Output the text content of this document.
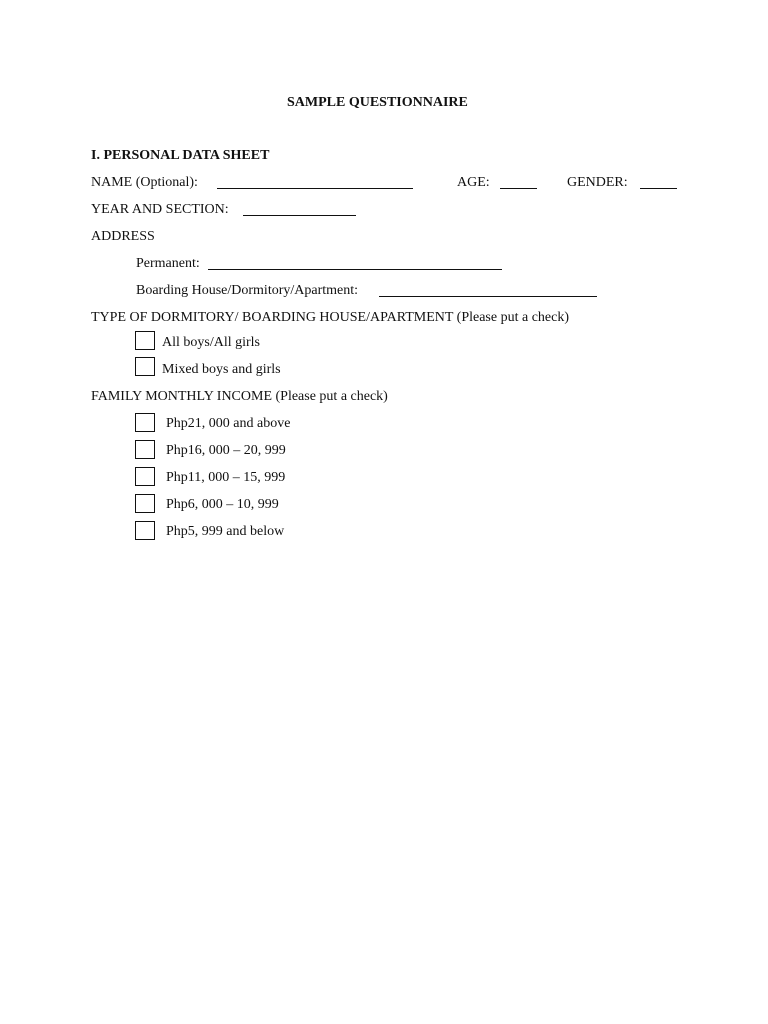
SAMPLE QUESTIONNAIRE
I. PERSONAL DATA SHEET
NAME (Optional):	AGE:	GENDER:
YEAR AND SECTION:
ADDRESS
Permanent:
Boarding House/Dormitory/Apartment:
TYPE OF DORMITORY/ BOARDING HOUSE/APARTMENT (Please put a check)
All boys/All girls
Mixed boys and girls
FAMILY MONTHLY INCOME (Please put a check)
Php21, 000 and above
Php16, 000 – 20, 999
Php11, 000 – 15, 999
Php6, 000 – 10, 999
Php5, 999 and below
